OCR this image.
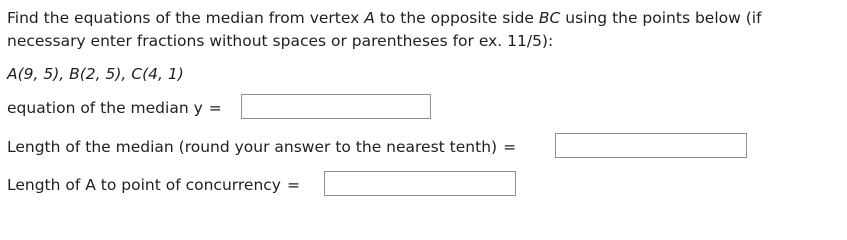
Find the equations of the median from vertex A to the opposite side BC using the points below (if
necessary enter fractions without spaces or parentheses for ex. 11/5):
A(9, 5), B(2, 5), C(4, 1)
equation of the median y =
Length of the median (round your answer to the nearest tenth) =
Length of A to point of concurrency =
